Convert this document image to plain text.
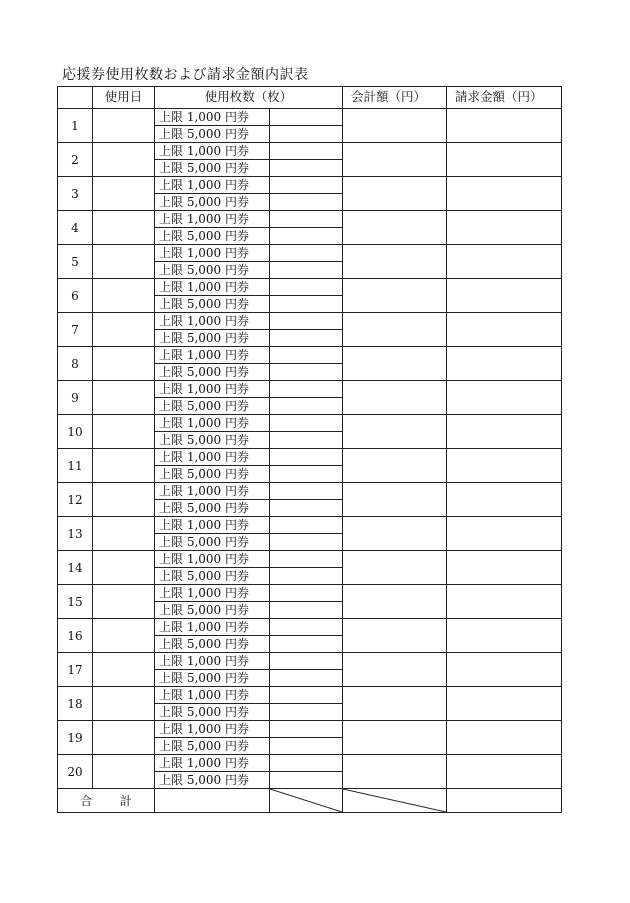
応援券使用枚数および請求金額内訳表
	使用日	使用枚数（枚）		会計額（円）	請求金額（円）
1		上限 1,000 円券			
		上限 5,000 円券			
2		上限 1,000 円券			
		上限 5,000 円券			
3		上限 1,000 円券			
		上限 5,000 円券			
4		上限 1,000 円券			
		上限 5,000 円券			
5		上限 1,000 円券			
		上限 5,000 円券			
6		上限 1,000 円券			
		上限 5,000 円券			
7		上限 1,000 円券			
		上限 5,000 円券			
8		上限 1,000 円券			
		上限 5,000 円券			
9		上限 1,000 円券			
		上限 5,000 円券			
10		上限 1,000 円券			
		上限 5,000 円券			
11		上限 1,000 円券			
		上限 5,000 円券			
12		上限 1,000 円券			
		上限 5,000 円券			
13		上限 1,000 円券			
		上限 5,000 円券			
14		上限 1,000 円券			
		上限 5,000 円券			
15		上限 1,000 円券			
		上限 5,000 円券			
16		上限 1,000 円券			
		上限 5,000 円券			
17		上限 1,000 円券			
		上限 5,000 円券			
18		上限 1,000 円券			
		上限 5,000 円券			
19		上限 1,000 円券			
		上限 5,000 円券			
20		上限 1,000 円券			
		上限 5,000 円券			
合 計		
